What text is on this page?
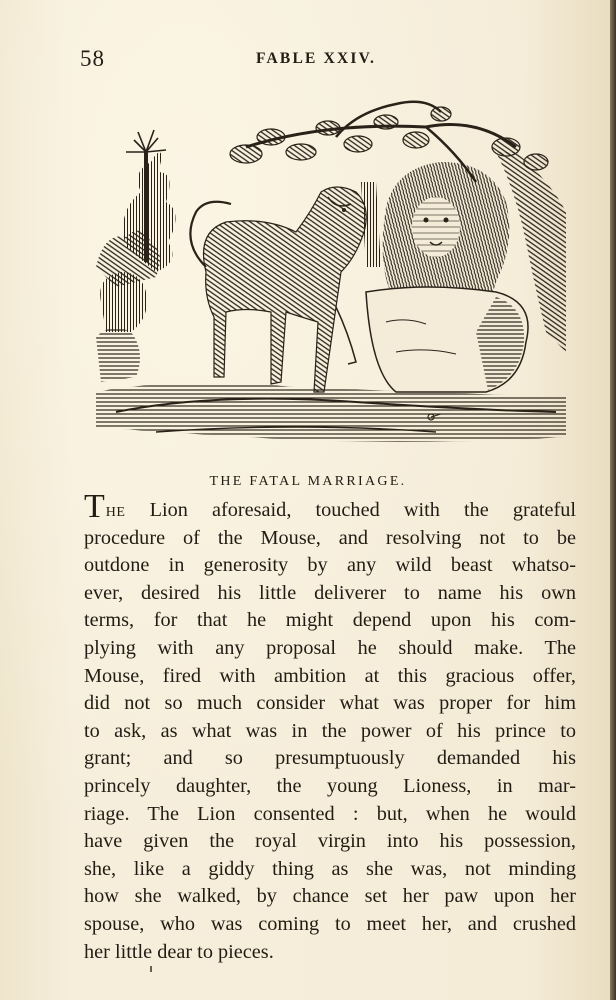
58	FABLE XXIV.
THE FATAL MARRIAGE.
The Lion aforesaid, touched with the grateful
procedure of the Mouse, and resolving not to be
outdone in generosity by any wild beast whatso-
ever, desired his little deliverer to name his own
terms, for that he might depend upon his com-
plying with any proposal he should make. The
Mouse, fired with ambition at this gracious offer,
did not so much consider what was proper for him
to ask, as what was in the power of his prince to
grant; and so presumptuously demanded his
princely daughter, the young Lioness, in mar-
riage. The Lion consented : but, when he would
have given the royal virgin into his possession,
she, like a giddy thing as she was, not minding
how she walked, by chance set her paw upon her
spouse, who was coming to meet her, and crushed
her little dear to pieces.
